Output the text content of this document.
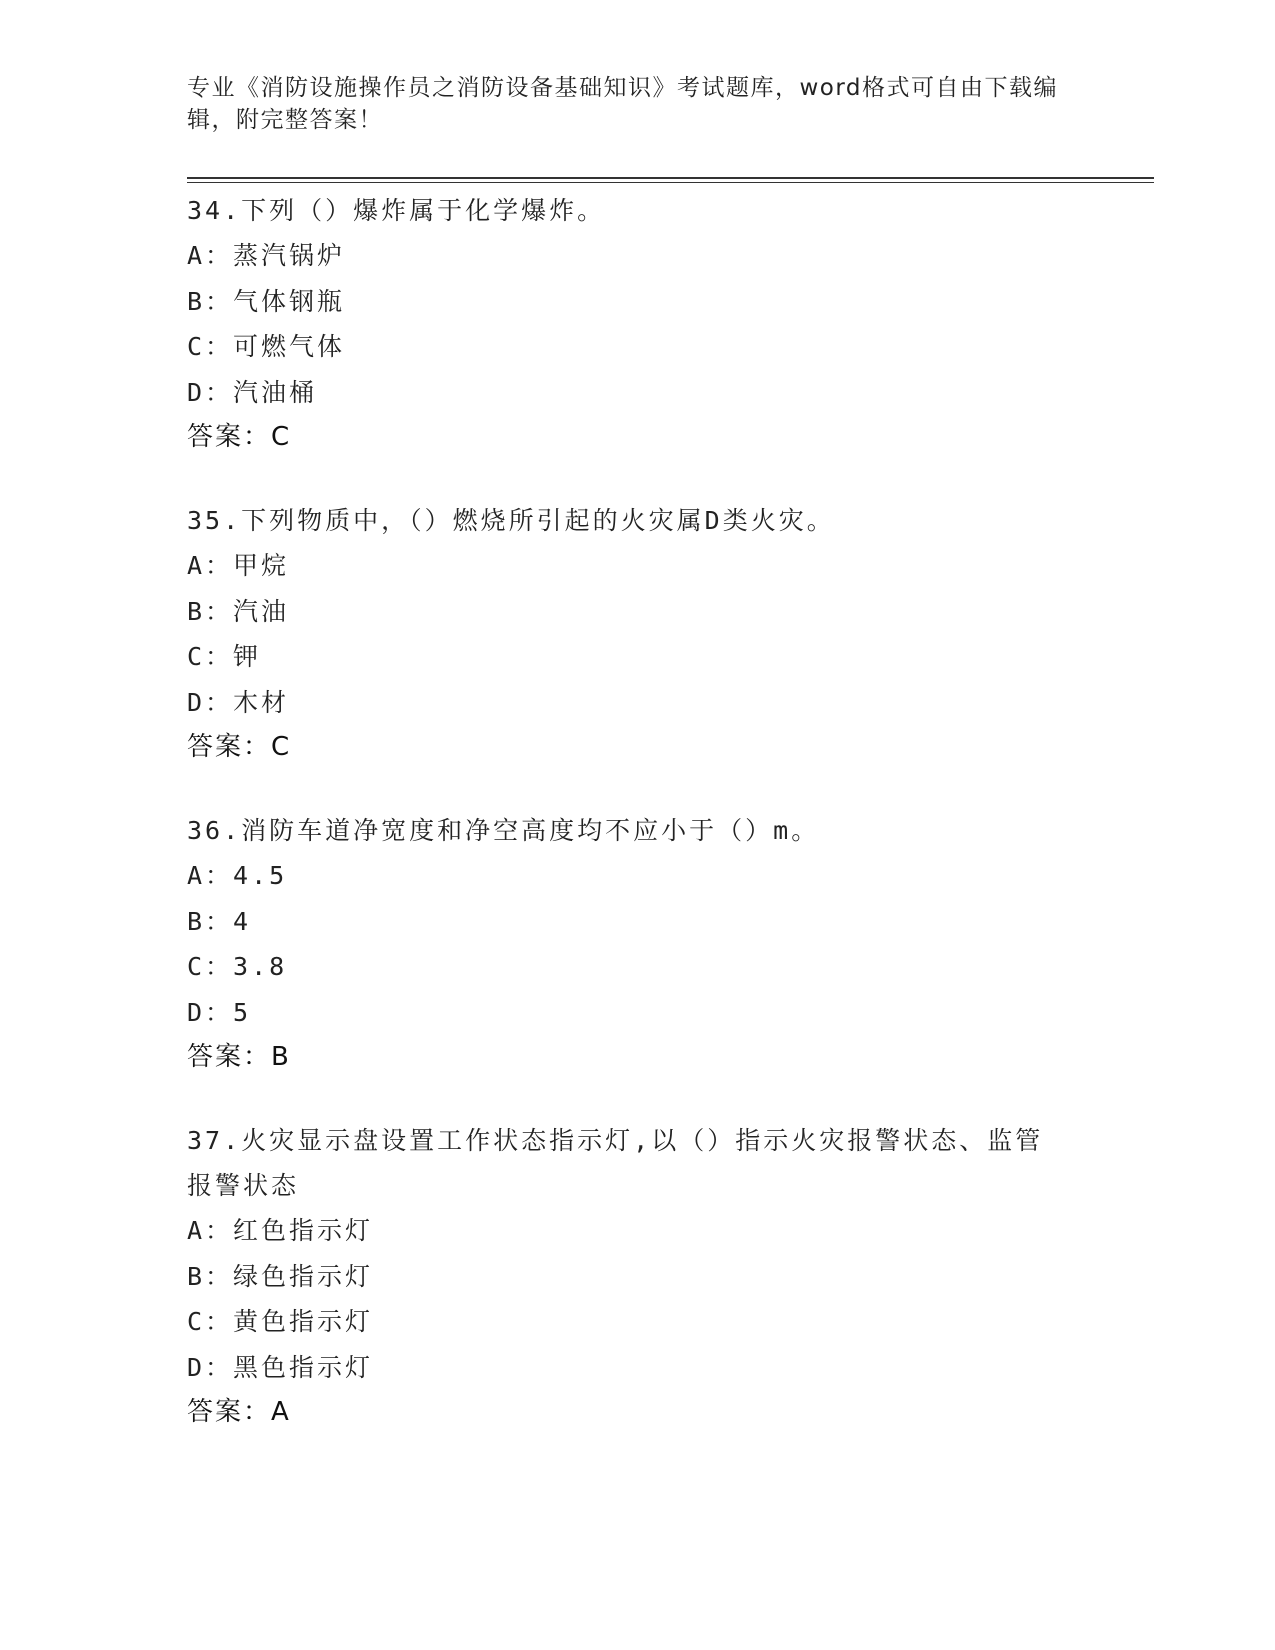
专业《消防设施操作员之消防设备基础知识》考试题库，word格式可自由下载编辑，附完整答案！
34.下列（）爆炸属于化学爆炸。
A：蒸汽锅炉
B：气体钢瓶
C：可燃气体
D：汽油桶
答案：C
35.下列物质中，（）燃烧所引起的火灾属D类火灾。
A：甲烷
B：汽油
C：钾
D：木材
答案：C
36.消防车道净宽度和净空高度均不应小于（）m。
A：4.5
B：4
C：3.8
D：5
答案：B
37.火灾显示盘设置工作状态指示灯,以（）指示火灾报警状态、监管报警状态
A：红色指示灯
B：绿色指示灯
C：黄色指示灯
D：黑色指示灯
答案：A
